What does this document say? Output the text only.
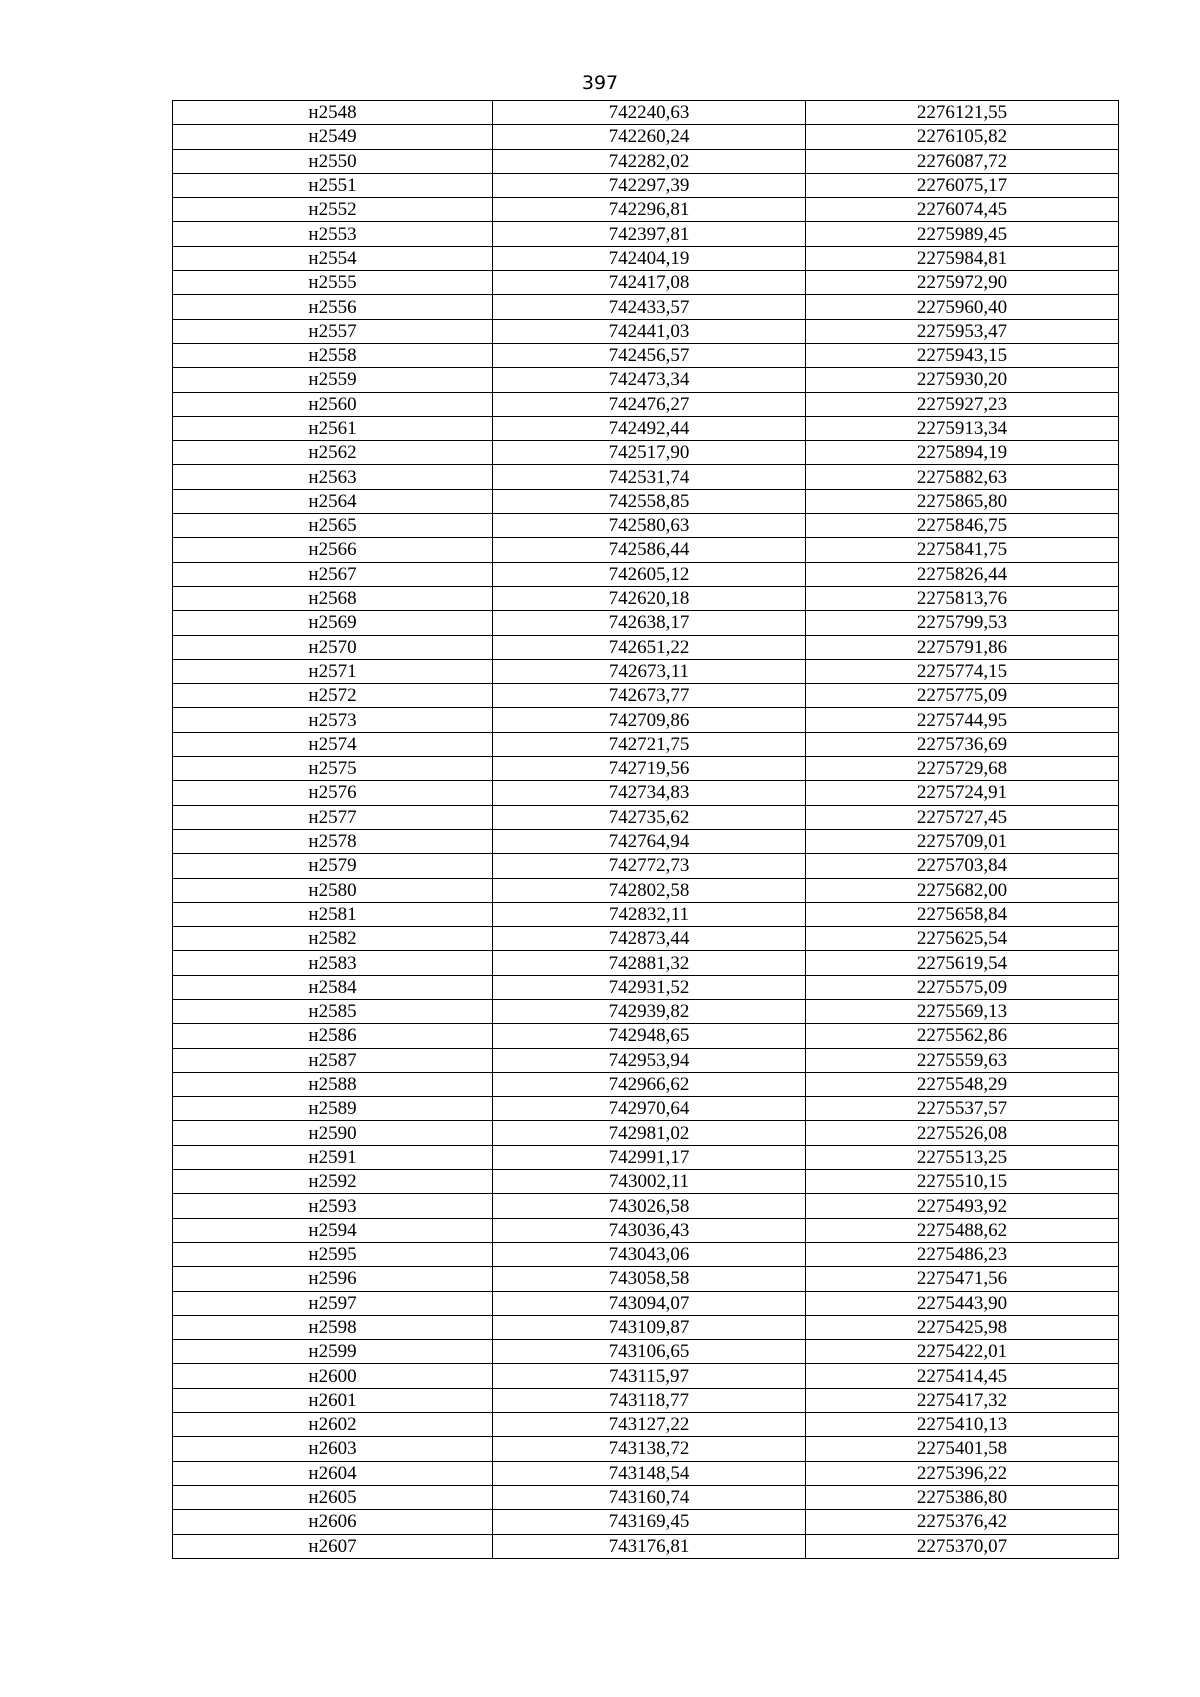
397
н2548	742240,63	2276121,55
н2549	742260,24	2276105,82
н2550	742282,02	2276087,72
н2551	742297,39	2276075,17
н2552	742296,81	2276074,45
н2553	742397,81	2275989,45
н2554	742404,19	2275984,81
н2555	742417,08	2275972,90
н2556	742433,57	2275960,40
н2557	742441,03	2275953,47
н2558	742456,57	2275943,15
н2559	742473,34	2275930,20
н2560	742476,27	2275927,23
н2561	742492,44	2275913,34
н2562	742517,90	2275894,19
н2563	742531,74	2275882,63
н2564	742558,85	2275865,80
н2565	742580,63	2275846,75
н2566	742586,44	2275841,75
н2567	742605,12	2275826,44
н2568	742620,18	2275813,76
н2569	742638,17	2275799,53
н2570	742651,22	2275791,86
н2571	742673,11	2275774,15
н2572	742673,77	2275775,09
н2573	742709,86	2275744,95
н2574	742721,75	2275736,69
н2575	742719,56	2275729,68
н2576	742734,83	2275724,91
н2577	742735,62	2275727,45
н2578	742764,94	2275709,01
н2579	742772,73	2275703,84
н2580	742802,58	2275682,00
н2581	742832,11	2275658,84
н2582	742873,44	2275625,54
н2583	742881,32	2275619,54
н2584	742931,52	2275575,09
н2585	742939,82	2275569,13
н2586	742948,65	2275562,86
н2587	742953,94	2275559,63
н2588	742966,62	2275548,29
н2589	742970,64	2275537,57
н2590	742981,02	2275526,08
н2591	742991,17	2275513,25
н2592	743002,11	2275510,15
н2593	743026,58	2275493,92
н2594	743036,43	2275488,62
н2595	743043,06	2275486,23
н2596	743058,58	2275471,56
н2597	743094,07	2275443,90
н2598	743109,87	2275425,98
н2599	743106,65	2275422,01
н2600	743115,97	2275414,45
н2601	743118,77	2275417,32
н2602	743127,22	2275410,13
н2603	743138,72	2275401,58
н2604	743148,54	2275396,22
н2605	743160,74	2275386,80
н2606	743169,45	2275376,42
н2607	743176,81	2275370,07
